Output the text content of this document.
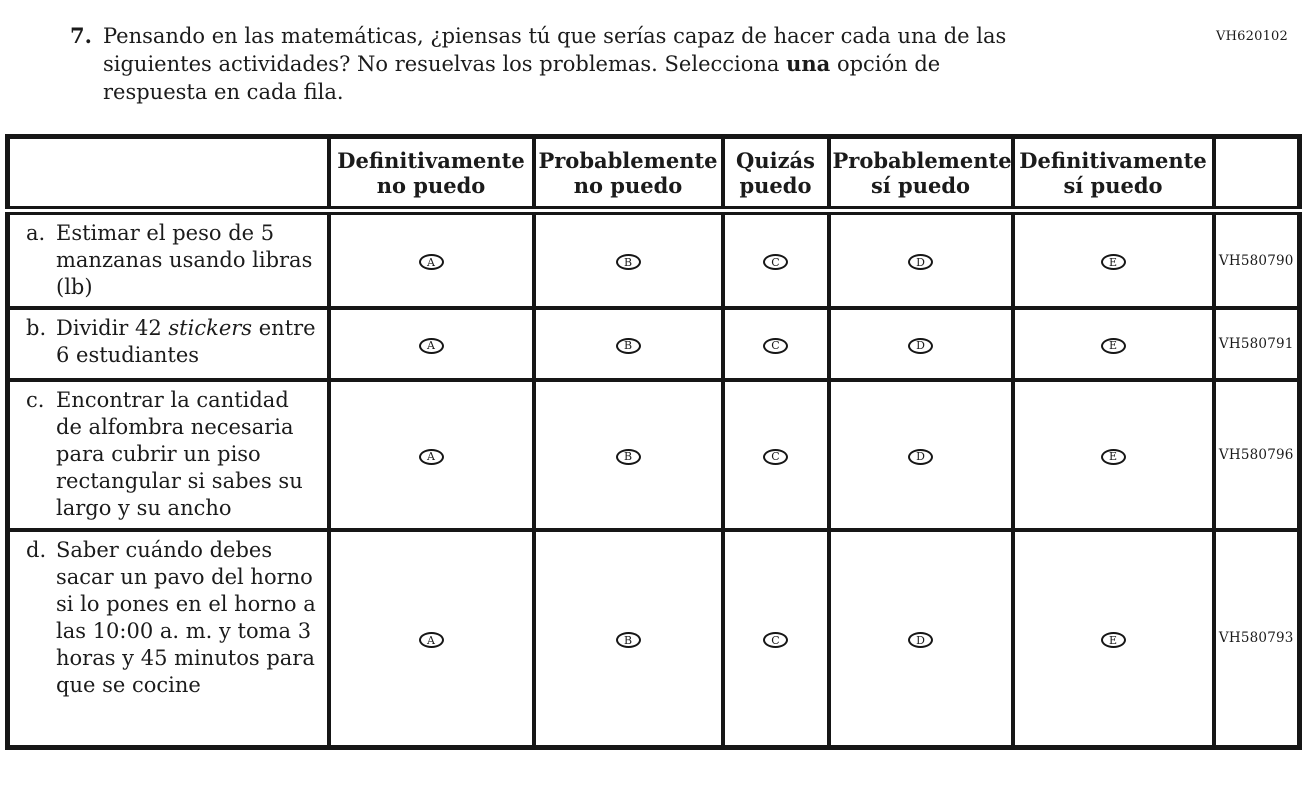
VH620102
7. Pensando en las matemáticas, ¿piensas tú que serías capaz de hacer cada una de las
siguientes actividades? No resuelvas los problemas. Selecciona una opción de
respuesta en cada fila.

	Definitivamente
no puedo	Probablemente
no puedo	Quizás
puedo	Probablemente
sí puedo	Definitivamente
sí puedo	

a. Estimar el peso de 5 manzanas usando libras (lb)	A	B	C	D	E	VH580790

b. Dividir 42 stickers entre 6 estudiantes	A	B	C	D	E	VH580791

c. Encontrar la cantidad de alfombra necesaria para cubrir un piso rectangular si sabes su largo y su ancho	A	B	C	D	E	VH580796

d. Saber cuándo debes sacar un pavo del horno si lo pones en el horno a las 10:00 a. m. y toma 3 horas y 45 minutos para que se cocine	A	B	C	D	E	VH580793
